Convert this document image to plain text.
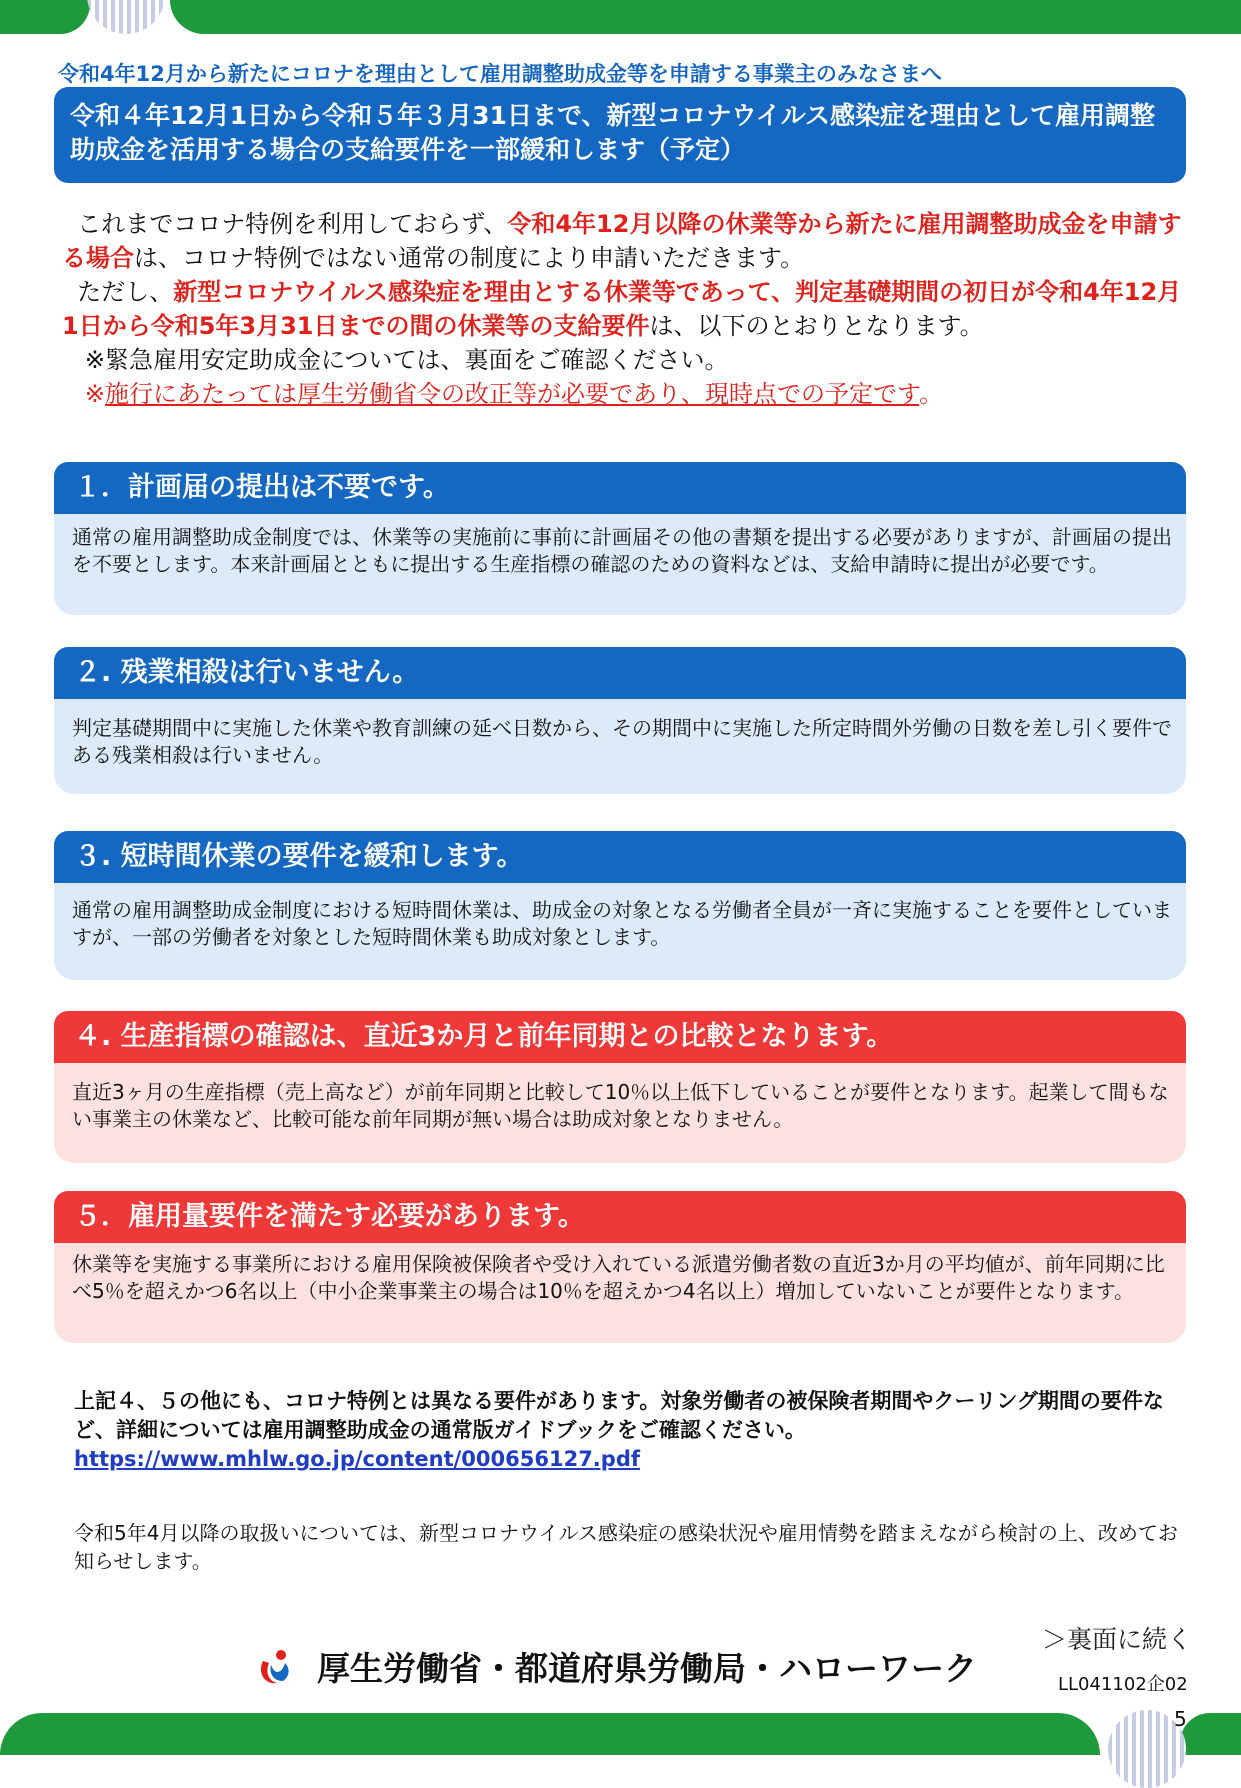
令和4年12月から新たにコロナを理由として雇用調整助成金等を申請する事業主のみなさまへ
令和４年12月1日から令和５年３月31日まで、新型コロナウイルス感染症を理由として雇用調整助成金を活用する場合の支給要件を一部緩和します（予定）

これまでコロナ特例を利用しておらず、令和4年12月以降の休業等から新たに雇用調整助成金を申請する場合は、コロナ特例ではない通常の制度により申請いただきます。

ただし、新型コロナウイルス感染症を理由とする休業等であって、判定基礎期間の初日が令和4年12月1日から令和5年3月31日までの間の休業等の支給要件は、以下のとおりとなります。

※緊急雇用安定助成金については、裏面をご確認ください。

※施行にあたっては厚生労働省令の改正等が必要であり、現時点での予定です。

１．計画届の提出は不要です。
通常の雇用調整助成金制度では、休業等の実施前に事前に計画届その他の書類を提出する必要がありますが、計画届の提出を不要とします。本来計画届とともに提出する生産指標の確認のための資料などは、支給申請時に提出が必要です。
２. 残業相殺は行いません。
判定基礎期間中に実施した休業や教育訓練の延べ日数から、その期間中に実施した所定時間外労働の日数を差し引く要件である残業相殺は行いません。
３. 短時間休業の要件を緩和します。
通常の雇用調整助成金制度における短時間休業は、助成金の対象となる労働者全員が一斉に実施することを要件としていますが、一部の労働者を対象とした短時間休業も助成対象とします。
４. 生産指標の確認は、直近3か月と前年同期との比較となります。
直近3ヶ月の生産指標（売上高など）が前年同期と比較して10％以上低下していることが要件となります。起業して間もない事業主の休業など、比較可能な前年同期が無い場合は助成対象となりません。
５．雇用量要件を満たす必要があります。
休業等を実施する事業所における雇用保険被保険者や受け入れている派遣労働者数の直近3か月の平均値が、前年同期に比べ5％を超えかつ6名以上（中小企業事業主の場合は10％を超えかつ4名以上）増加していないことが要件となります。
上記４、５の他にも、コロナ特例とは異なる要件があります。対象労働者の被保険者期間やクーリング期間の要件など、詳細については雇用調整助成金の通常版ガイドブックをご確認ください。
https://www.mhlw.go.jp/content/000656127.pdf
令和5年4月以降の取扱いについては、新型コロナウイルス感染症の感染状況や雇用情勢を踏まえながら検討の上、改めてお知らせします。
＞裏面に続く
厚生労働省・都道府県労働局・ハローワーク	LL041102企02
5
